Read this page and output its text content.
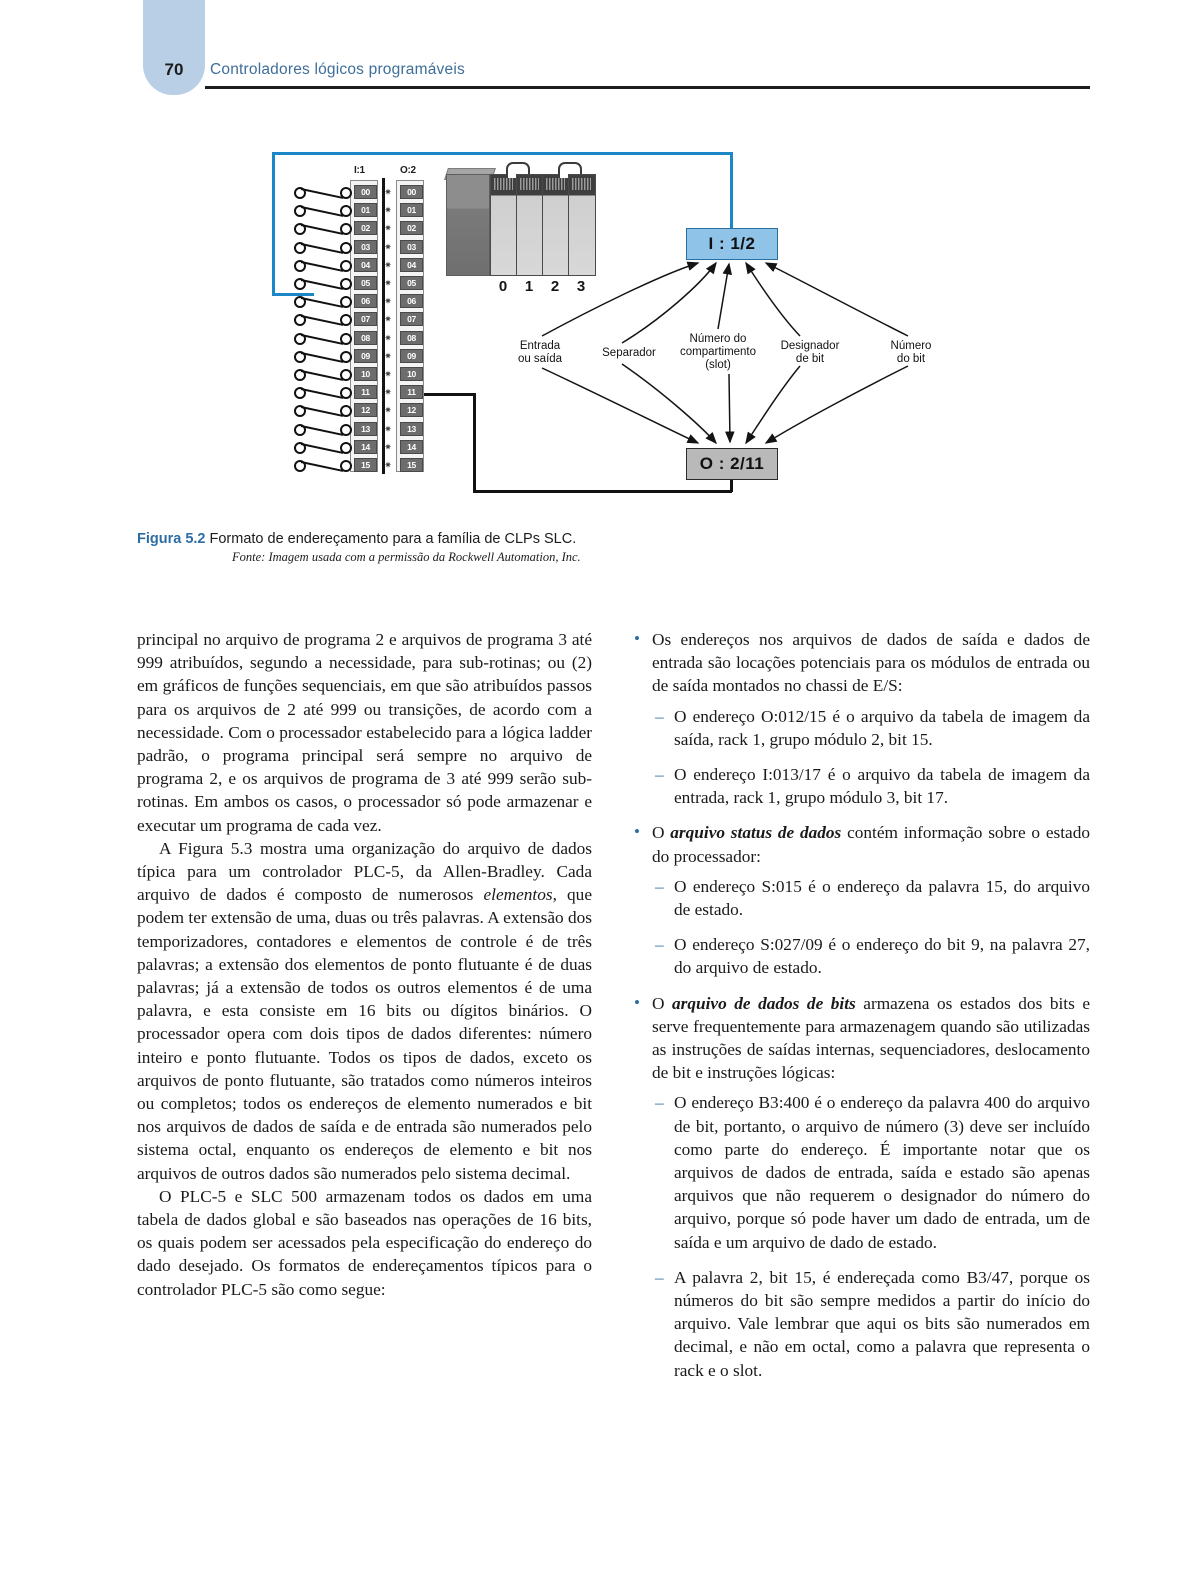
70	Controladores lógicos programáveis
I:1	O:2
00	✷	00
01	✷	01
02	✷	02
03	✷	03
04	✷	04
05	✷	05
06	✷	06
07	✷	07
08	✷	08
09	✷	09
10	✷	10
11	✷	11
12	✷	12
13	✷	13
14	✷	14
15	✷	15
0	1	2	3
I : 1/2
O : 2/11
Entrada
ou saída	Separador
Número do
compartimento
(slot)
Designador
de bit
Número
do bit
Figura 5.2 Formato de endereçamento para a família de CLPs SLC.
Fonte: Imagem usada com a permissão da Rockwell Automation, Inc.

principal no arquivo de programa 2 e arquivos de programa 3 até 999 atribuídos, segundo a necessidade, para sub-rotinas; ou (2) em gráficos de funções sequenciais, em que são atribuídos passos para os arquivos de 2 até 999 ou transições, de acordo com a necessidade. Com o processador estabelecido para a lógica ladder padrão, o programa principal será sempre no arquivo de programa 2, e os arquivos de programa de 3 até 999 serão sub-rotinas. Em ambos os casos, o processador só pode armazenar e executar um programa de cada vez.

A Figura 5.3 mostra uma organização do arquivo de dados típica para um controlador PLC-5, da Allen-Bradley. Cada arquivo de dados é composto de numerosos elementos, que podem ter extensão de uma, duas ou três palavras. A extensão dos temporizadores, contadores e elementos de controle é de três palavras; a extensão dos elementos de ponto flutuante é de duas palavras; já a extensão de todos os outros elementos é de uma palavra, e esta consiste em 16 bits ou dígitos binários. O processador opera com dois tipos de dados diferentes: número inteiro e ponto flutuante. Todos os tipos de dados, exceto os arquivos de ponto flutuante, são tratados como números inteiros ou completos; todos os endereços de elemento numerados e bit nos arquivos de dados de saída e de entrada são numerados pelo sistema octal, enquanto os endereços de elemento e bit nos arquivos de outros dados são numerados pelo sistema decimal.

O PLC-5 e SLC 500 armazenam todos os dados em uma tabela de dados global e são baseados nas operações de 16 bits, os quais podem ser acessados pela especificação do endereço do dado desejado. Os formatos de endereçamentos típicos para o controlador PLC-5 são como segue:

• Os endereços nos arquivos de dados de saída e dados de entrada são locações potenciais para os módulos de entrada ou de saída montados no chassi de E/S:
– O endereço O:012/15 é o arquivo da tabela de imagem da saída, rack 1, grupo módulo 2, bit 15.
– O endereço I:013/17 é o arquivo da tabela de imagem da entrada, rack 1, grupo módulo 3, bit 17.
• O arquivo status de dados contém informação sobre o estado do processador:
– O endereço S:015 é o endereço da palavra 15, do arquivo de estado.
– O endereço S:027/09 é o endereço do bit 9, na palavra 27, do arquivo de estado.
• O arquivo de dados de bits armazena os estados dos bits e serve frequentemente para armazenagem quando são utilizadas as instruções de saídas internas, sequenciadores, deslocamento de bit e instruções lógicas:
– O endereço B3:400 é o endereço da palavra 400 do arquivo de bit, portanto, o arquivo de número (3) deve ser incluído como parte do endereço. É importante notar que os arquivos de dados de entrada, saída e estado são apenas arquivos que não requerem o designador do número do arquivo, porque só pode haver um dado de entrada, um de saída e um arquivo de dado de estado.
– A palavra 2, bit 15, é endereçada como B3/47, porque os números do bit são sempre medidos a partir do início do arquivo. Vale lembrar que aqui os bits são numerados em decimal, e não em octal, como a palavra que representa o rack e o slot.
